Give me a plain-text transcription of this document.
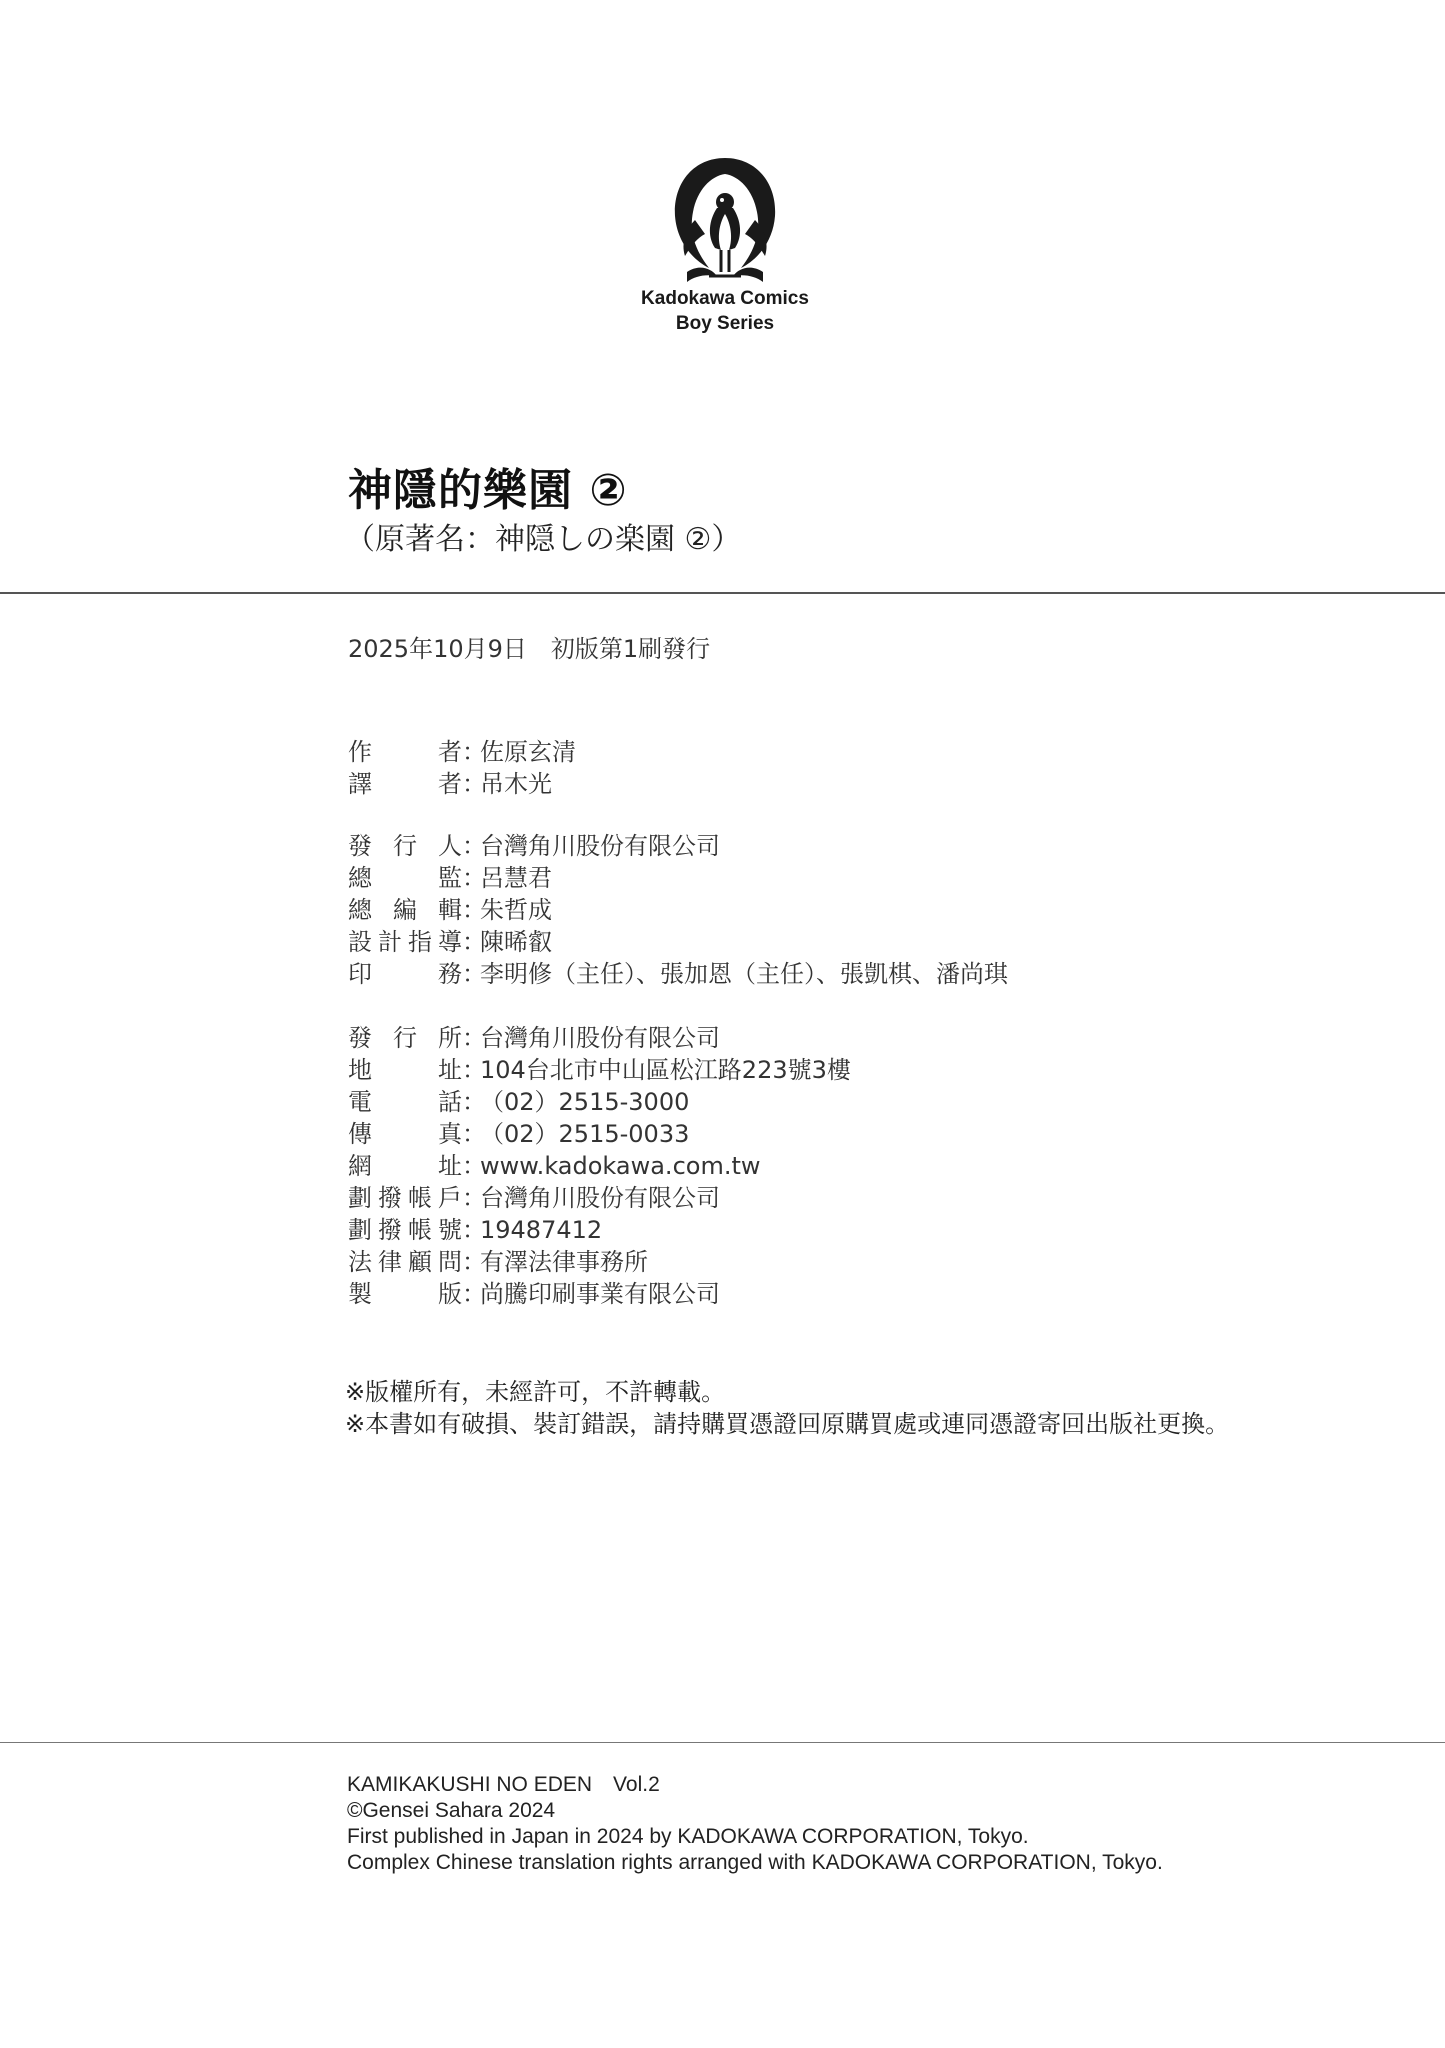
Kadokawa Comics
Boy Series
神隱的樂園 ②
（原著名：神隠しの楽園 ②）
2025年10月9日　初版第1刷發行
作	者 ：
佐原玄清
譯	者 ：
吊木光
發 行 人 ：
台灣角川股份有限公司
總	監 ：
呂慧君
總 編 輯 ：
朱哲成
設 計 指 導 ：
陳晞叡
印	務 ：
李明修（主任）、張加恩（主任）、張凱棋、潘尚琪
發 行 所 ：
台灣角川股份有限公司
地	址 ：
104台北市中山區松江路223號3樓
電	話 ：
（02）2515-3000
傳	真 ：
（02）2515-0033
網	址 ：
www.kadokawa.com.tw
劃 撥 帳 戶 ：
台灣角川股份有限公司
劃 撥 帳 號 ：
19487412
法 律 顧 問 ：
有澤法律事務所
製	版 ：
尚騰印刷事業有限公司
※版權所有，未經許可，不許轉載。
※本書如有破損、裝訂錯誤，請持購買憑證回原購買處或連同憑證寄回出版社更換。
KAMIKAKUSHI NO EDEN　Vol.2
©Gensei Sahara 2024
First published in Japan in 2024 by KADOKAWA CORPORATION, Tokyo.
Complex Chinese translation rights arranged with KADOKAWA CORPORATION, Tokyo.
